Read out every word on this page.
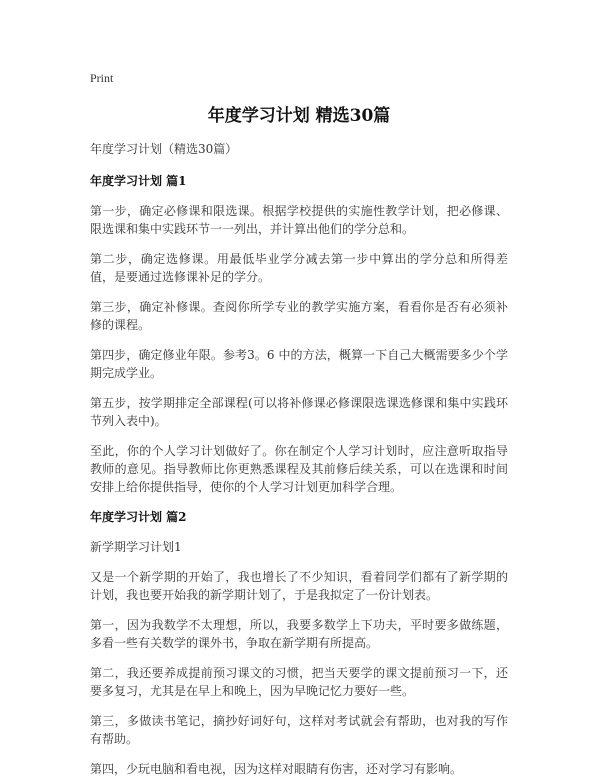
Print
年度学习计划 精选30篇
年度学习计划（精选30篇）
年度学习计划 篇1

第一步，确定必修课和限选课。根据学校提供的实施性教学计划，把必修课、限选课和集中实践环节一一列出，并计算出他们的学分总和。

第二步，确定选修课。用最低毕业学分减去第一步中算出的学分总和所得差值，是要通过选修课补足的学分。

第三步，确定补修课。查阅你所学专业的教学实施方案，看看你是否有必须补修的课程。

第四步，确定修业年限。参考3。6 中的方法，概算一下自己大概需要多少个学期完成学业。

第五步，按学期排定全部课程(可以将补修课必修课限选课选修课和集中实践环节列入表中)。

至此，你的个人学习计划做好了。你在制定个人学习计划时，应注意听取指导教师的意见。指导教师比你更熟悉课程及其前修后续关系，可以在选课和时间安排上给你提供指导，使你的个人学习计划更加科学合理。

年度学习计划 篇2

新学期学习计划1

又是一个新学期的开始了，我也增长了不少知识，看着同学们都有了新学期的计划，我也要开始我的新学期计划了，于是我拟定了一份计划表。

第一，因为我数学不太理想，所以，我要多数学上下功夫，平时要多做练题，多看一些有关数学的课外书，争取在新学期有所提高。

第二，我还要养成提前预习课文的习惯，把当天要学的课文提前预习一下，还要多复习，尤其是在早上和晚上，因为早晚记忆力要好一些。

第三，多做读书笔记，摘抄好词好句，这样对考试就会有帮助，也对我的写作有帮助。

第四，少玩电脑和看电视，因为这样对眼睛有伤害，还对学习有影响。
